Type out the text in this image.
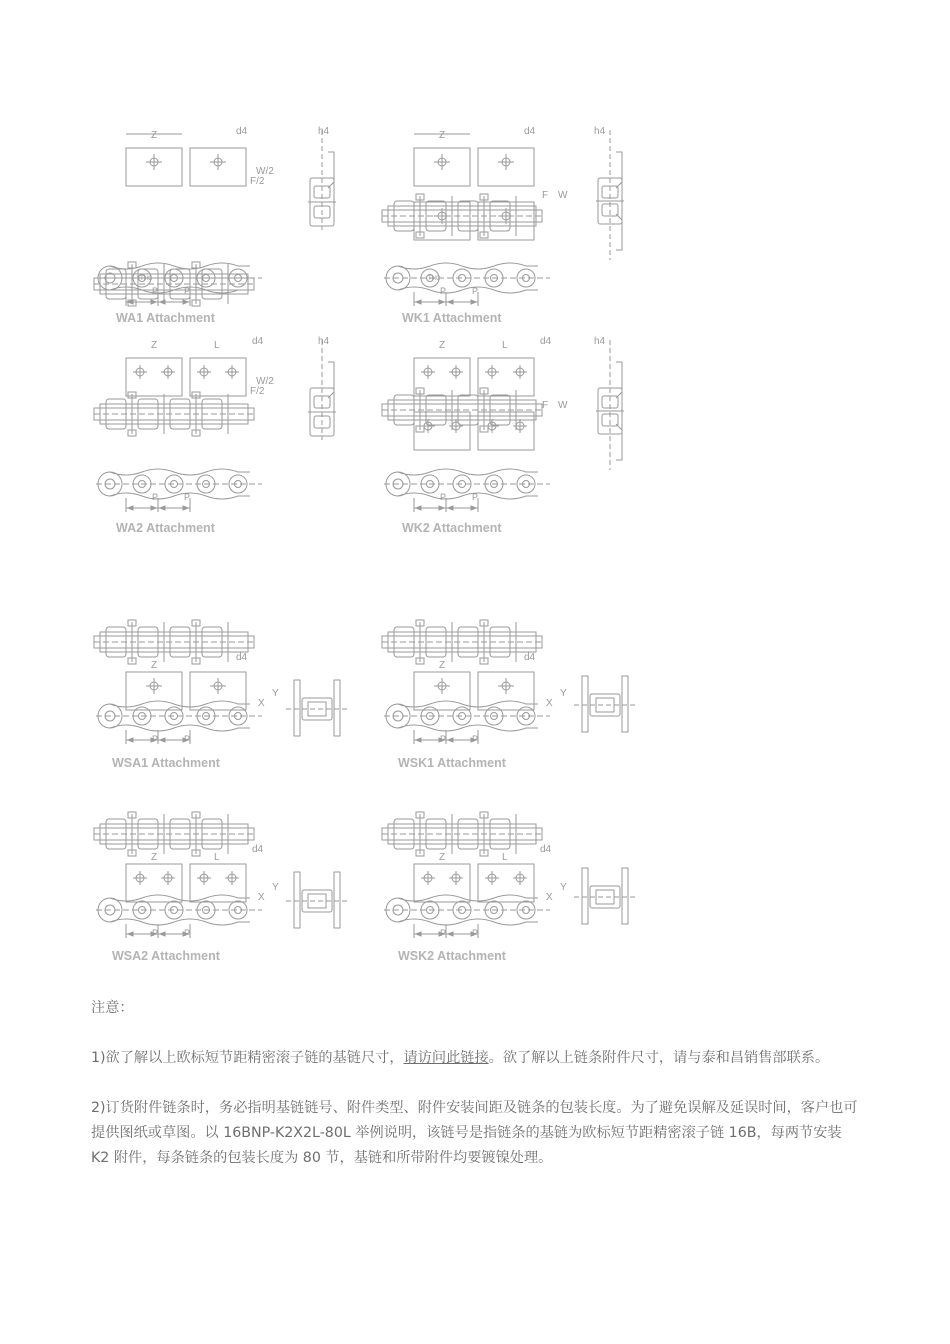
Z	d4
W/2
F/2
h4
P	P
THC
WA1 Attachment
Z	d4
F W
h4
P	P
THC
WK1 Attachment
Z	L	d4
W/2
F/2
h4
P	P
WA2 Attachment
Z	L	d4
F W
h4
P	P
WK2 Attachment
Z
d4
X
Y
P	P
WSA1 Attachment
Z
d4
X
Y
P	P
WSK1 Attachment
Z	L
d4
X
Y
P	P
WSA2 Attachment
Z	L
d4
X
Y
P	P
WSK2 Attachment

注意：

1)欲了解以上欧标短节距精密滚子链的基链尺寸，请访问此链接。欲了解以上链条附件尺寸，请与泰和昌销售部联系。

2)订货附件链条时，务必指明基链链号、附件类型、附件安装间距及链条的包装长度。为了避免误解及延误时间，客户也可提供图纸或草图。以 16BNP-K2X2L-80L 举例说明，该链号是指链条的基链为欧标短节距精密滚子链 16B，每两节安装 K2 附件，每条链条的包装长度为 80 节，基链和所带附件均要镀镍处理。
